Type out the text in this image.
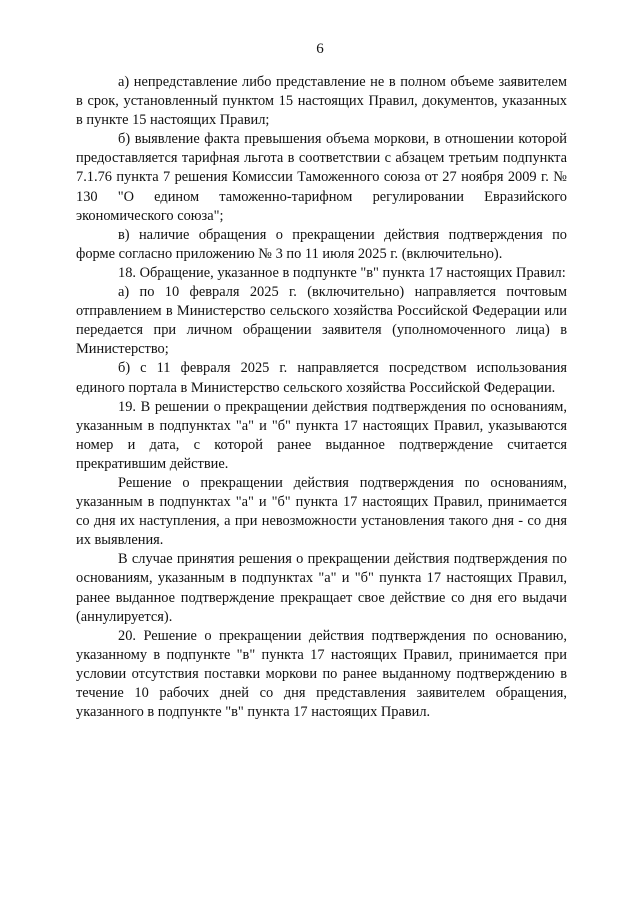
6

а) непредставление либо представление не в полном объеме заявителем в срок, установленный пунктом 15 настоящих Правил, документов, указанных в пункте 15 настоящих Правил;

б) выявление факта превышения объема моркови, в отношении которой предоставляется тарифная льгота в соответствии с абзацем третьим подпункта 7.1.76 пункта 7 решения Комиссии Таможенного союза от 27 ноября 2009 г. № 130 "О едином таможенно-тарифном регулировании Евразийского экономического союза";

в) наличие обращения о прекращении действия подтверждения по форме согласно приложению № 3 по 11 июля 2025 г. (включительно).

18. Обращение, указанное в подпункте "в" пункта 17 настоящих Правил:

а) по 10 февраля 2025 г. (включительно) направляется почтовым отправлением в Министерство сельского хозяйства Российской Федерации или передается при личном обращении заявителя (уполномоченного лица) в Министерство;

б) с 11 февраля 2025 г. направляется посредством использования единого портала в Министерство сельского хозяйства Российской Федерации.

19. В решении о прекращении действия подтверждения по основаниям, указанным в подпунктах "а" и "б" пункта 17 настоящих Правил, указываются номер и дата, с которой ранее выданное подтверждение считается прекратившим действие.

Решение о прекращении действия подтверждения по основаниям, указанным в подпунктах "а" и "б" пункта 17 настоящих Правил, принимается со дня их наступления, а при невозможности установления такого дня - со дня их выявления.

В случае принятия решения о прекращении действия подтверждения по основаниям, указанным в подпунктах "а" и "б" пункта 17 настоящих Правил, ранее выданное подтверждение прекращает свое действие со дня его выдачи (аннулируется).

20. Решение о прекращении действия подтверждения по основанию, указанному в подпункте "в" пункта 17 настоящих Правил, принимается при условии отсутствия поставки моркови по ранее выданному подтверждению в течение 10 рабочих дней со дня представления заявителем обращения, указанного в подпункте "в" пункта 17 настоящих Правил.
